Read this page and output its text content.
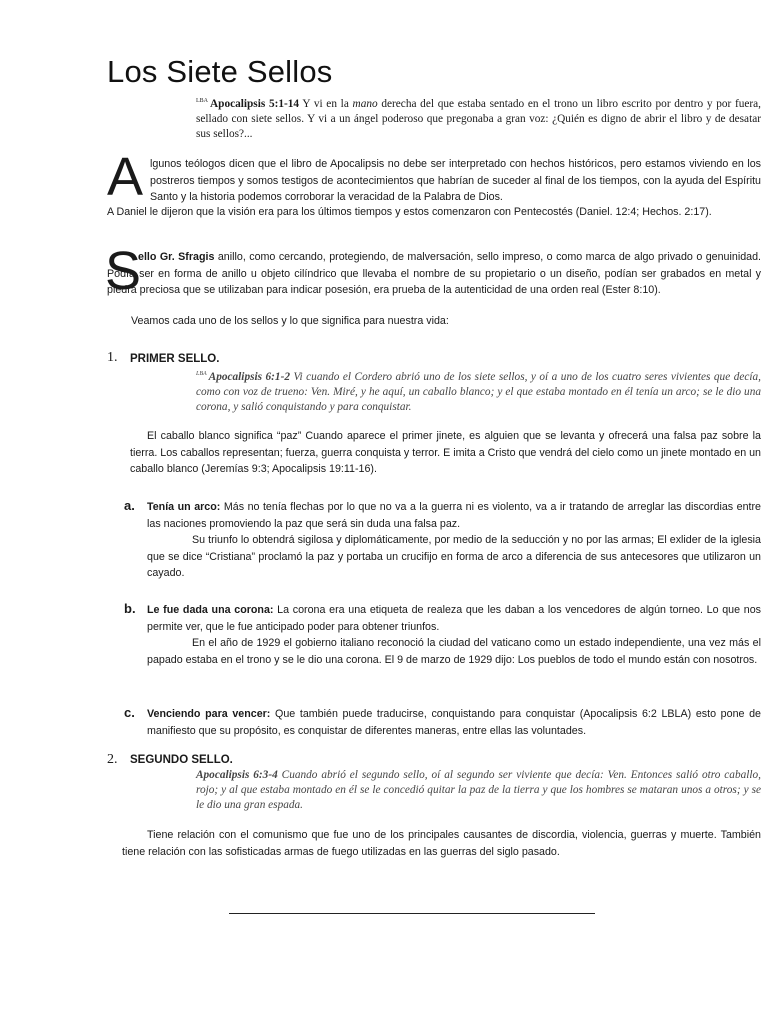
Los Siete Sellos
$^{LBA}$ Apocalipsis 5:1-14 Y vi en la mano derecha del que estaba sentado en el trono un libro escrito por dentro y por fuera, sellado con siete sellos. Y vi a un ángel poderoso que pregonaba a gran voz: ¿Quién es digno de abrir el libro y de desatar sus sellos?...
A lgunos teólogos dicen que el libro de Apocalipsis no debe ser interpretado con hechos históricos, pero estamos viviendo en los postreros tiempos y somos testigos de acontecimientos que habrían de suceder al final de los tiempos, con la ayuda del Espíritu Santo y la historia podemos corroborar la veracidad de la Palabra de Dios.
A Daniel le dijeron que la visión era para los últimos tiempos y estos comenzaron con Pentecostés (Daniel. 12:4; Hechos. 2:17).
S
ello Gr. Sfragis anillo, como cercando, protegiendo, de malversación, sello impreso, o como marca de algo privado o genuinidad. Podía ser en forma de anillo u objeto cilíndrico que llevaba el nombre de su propietario o un diseño, podían ser grabados en metal y piedra preciosa que se utilizaban para indicar posesión, era prueba de la autenticidad de una orden real (Ester 8:10).
Veamos cada uno de los sellos y lo que significa para nuestra vida:
1. PRIMER SELLO.
$^{LBA}$ Apocalipsis 6:1-2 Vi cuando el Cordero abrió uno de los siete sellos, y oí a uno de los cuatro seres vivientes que decía, como con voz de trueno: Ven. Miré, y he aquí, un caballo blanco; y el que estaba montado en él tenía un arco; se le dio una corona, y salió conquistando y para conquistar.
El caballo blanco significa “paz” Cuando aparece el primer jinete, es alguien que se levanta y ofrecerá una falsa paz sobre la tierra. Los caballos representan; fuerza, guerra conquista y terror. E imita a Cristo que vendrá del cielo como un jinete montado en un caballo blanco (Jeremías 9:3; Apocalipsis 19:11-16).
a. Tenía un arco: Más no tenía flechas por lo que no va a la guerra ni es violento, va a ir tratando de arreglar las discordias entre las naciones promoviendo la paz que será sin duda una falsa paz.
Su triunfo lo obtendrá sigilosa y diplomáticamente, por medio de la seducción y no por las armas; El exlider de la iglesia que se dice “Cristiana” proclamó la paz y portaba un crucifijo en forma de arco a diferencia de sus antecesores que utilizaron un cayado.
b. Le fue dada una corona: La corona era una etiqueta de realeza que les daban a los vencedores de algún torneo. Lo que nos permite ver, que le fue anticipado poder para obtener triunfos.
En el año de 1929 el gobierno italiano reconoció la ciudad del vaticano como un estado independiente, una vez más el papado estaba en el trono y se le dio una corona. El 9 de marzo de 1929 dijo: Los pueblos de todo el mundo están con nosotros.
c. Venciendo para vencer: Que también puede traducirse, conquistando para conquistar (Apocalipsis 6:2 LBLA) esto pone de manifiesto que su propósito, es conquistar de diferentes maneras, entre ellas las voluntades.
2. SEGUNDO SELLO.
Apocalipsis 6:3-4 Cuando abrió el segundo sello, oí al segundo ser viviente que decía: Ven. Entonces salió otro caballo, rojo; y al que estaba montado en él se le concedió quitar la paz de la tierra y que los hombres se mataran unos a otros; y se le dio una gran espada.
Tiene relación con el comunismo que fue uno de los principales causantes de discordia, violencia, guerras y muerte. También tiene relación con las sofisticadas armas de fuego utilizadas en las guerras del siglo pasado.
